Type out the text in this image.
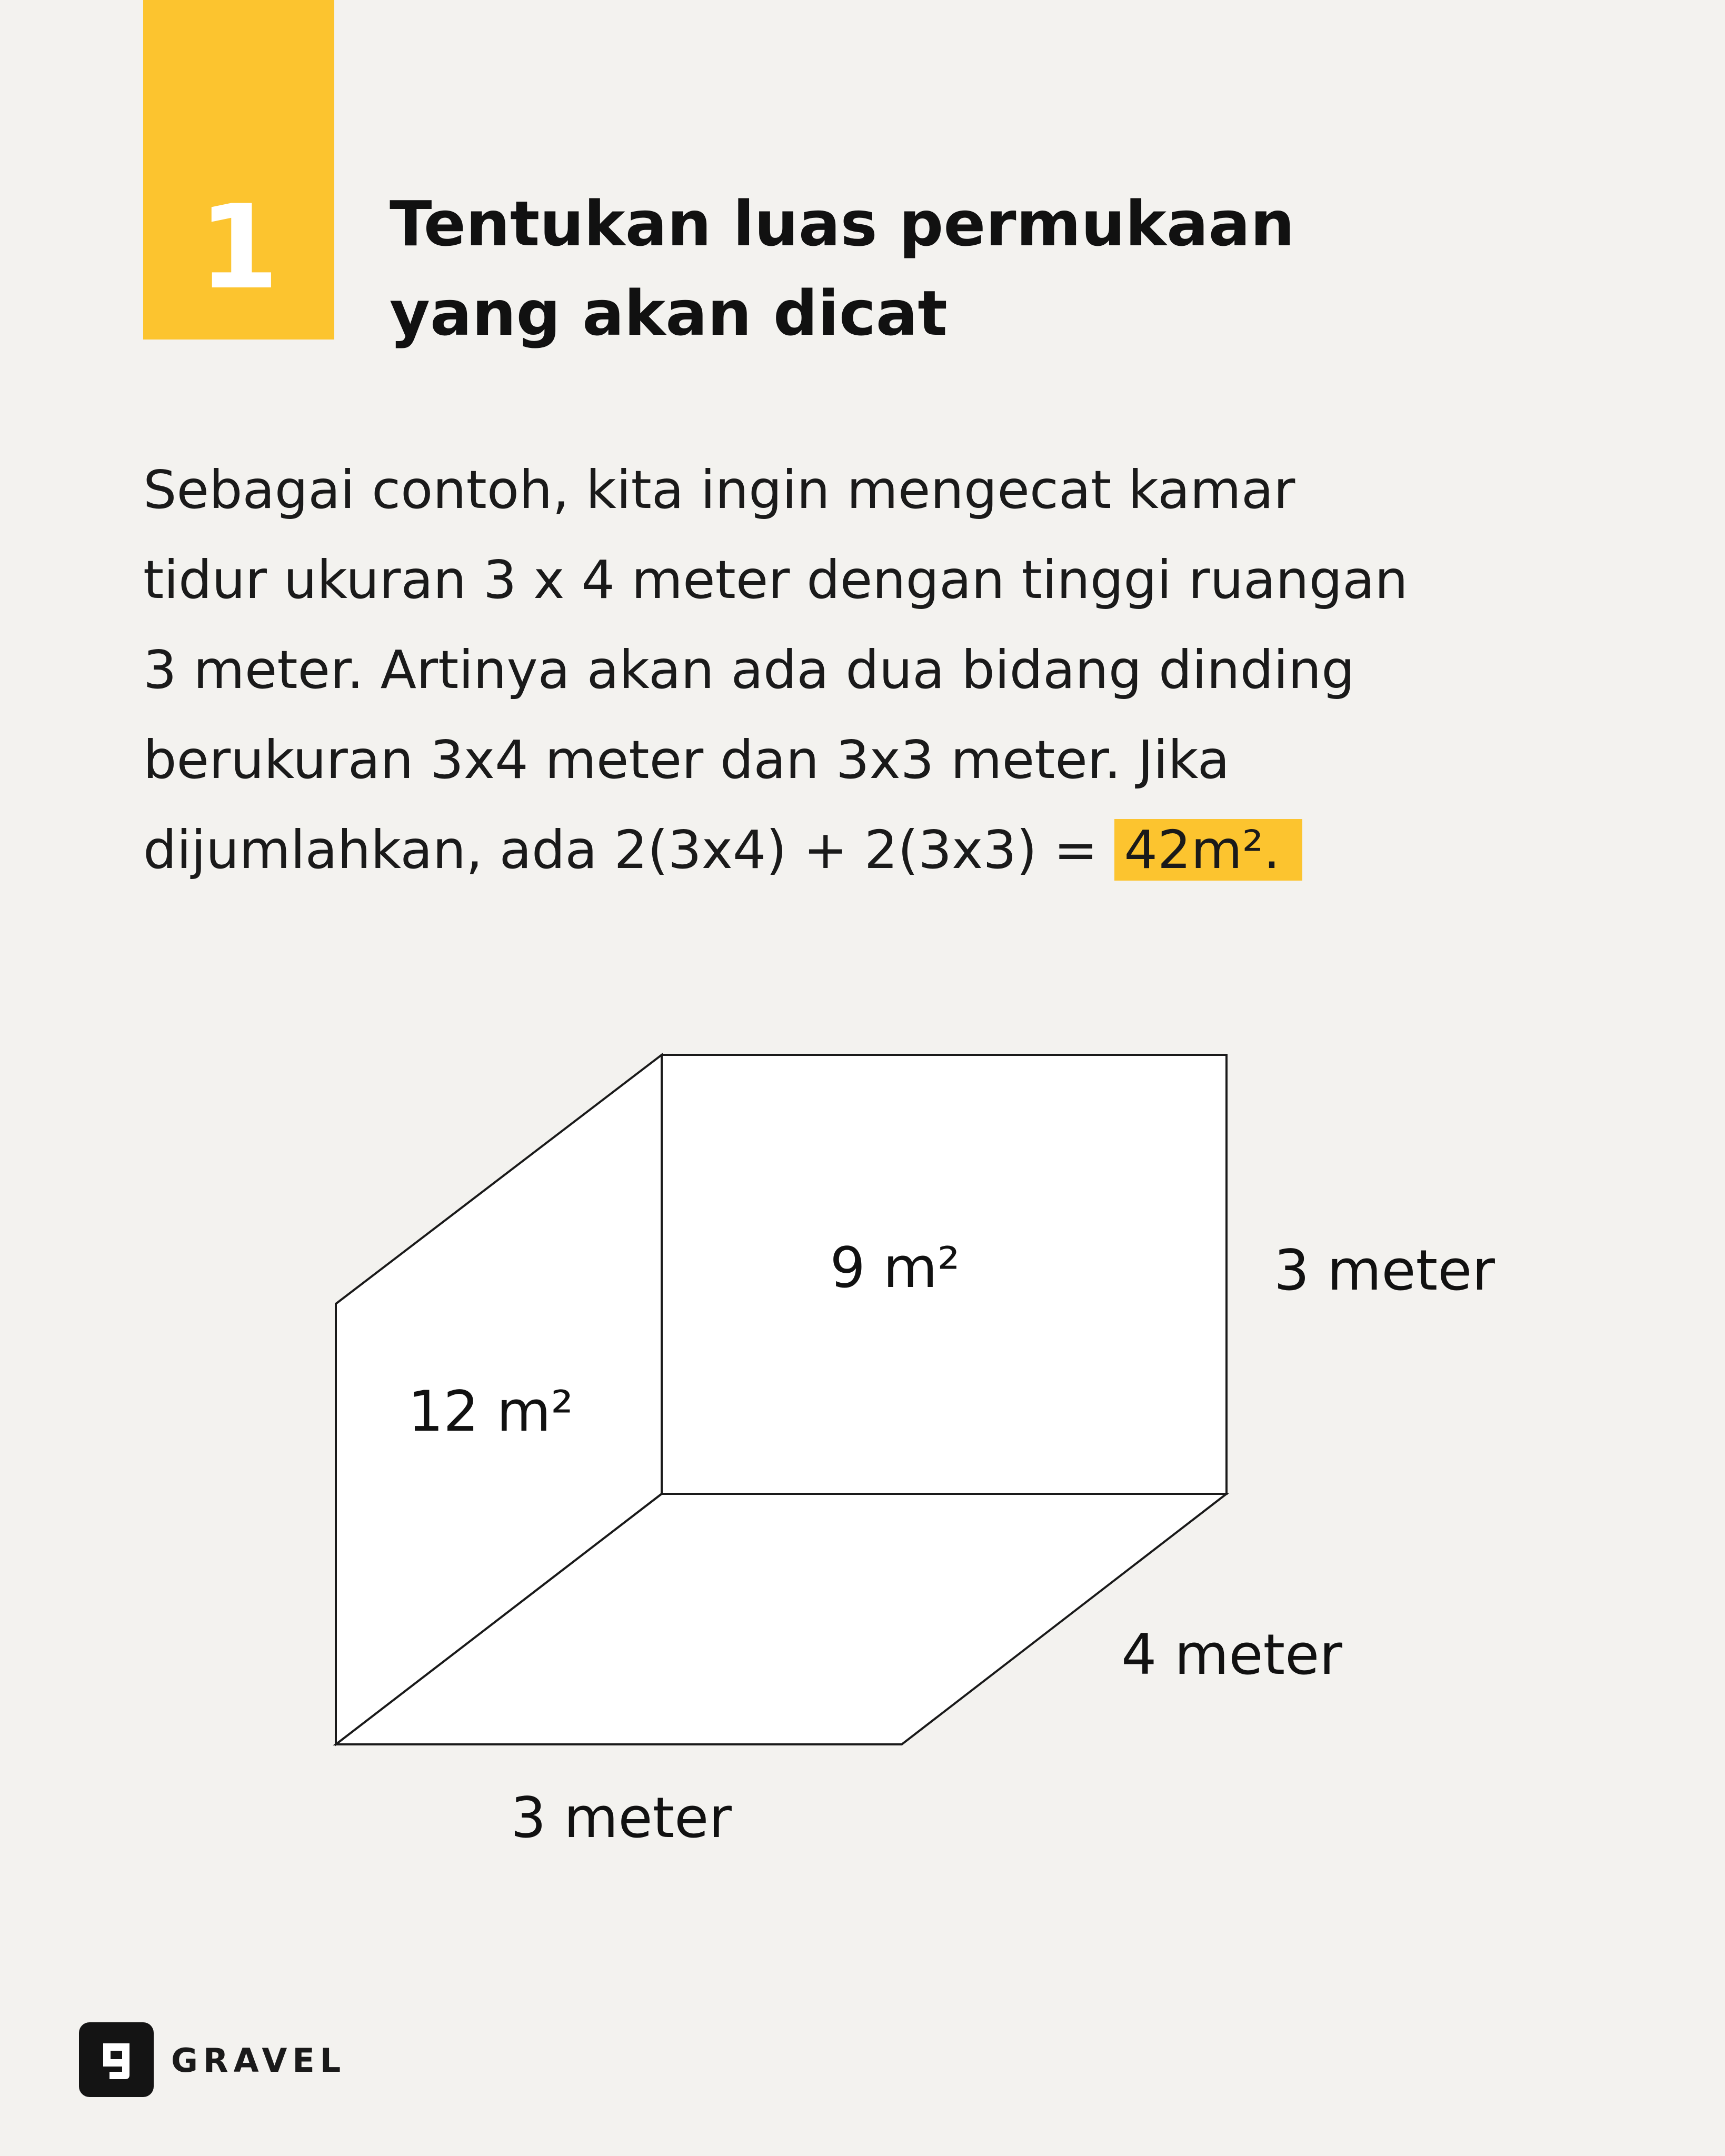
1	Tentukan luas permukaan
yang akan dicat
Sebagai contoh, kita ingin mengecat kamar
tidur ukuran 3 x 4 meter dengan tinggi ruangan
3 meter. Artinya akan ada dua bidang dinding
berukuran 3x4 meter dan 3x3 meter. Jika
dijumlahkan, ada 2(3x4) + 2(3x3) = 42m².
9 m²
12 m²
3 meter
4 meter
3 meter
GRAVEL
